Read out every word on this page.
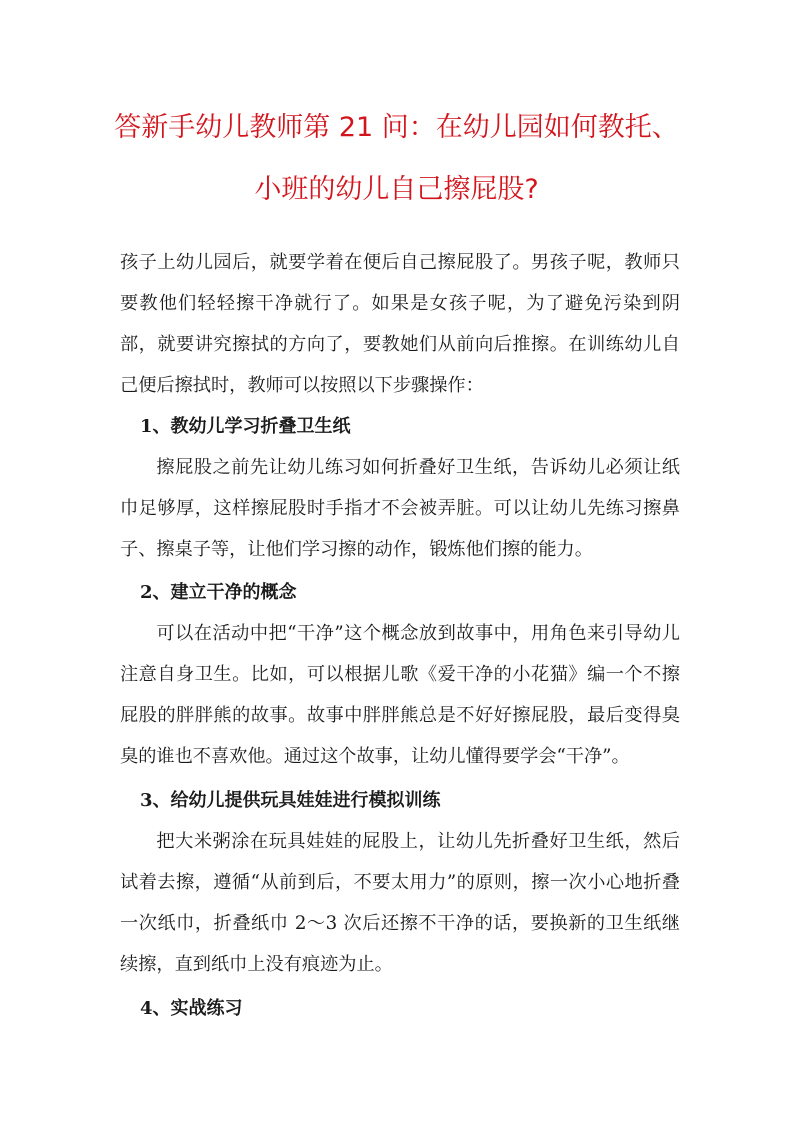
答新手幼儿教师第 21 问：在幼儿园如何教托、
小班的幼儿自己擦屁股?

孩子上幼儿园后，就要学着在便后自己擦屁股了。男孩子呢，教师只要教他们轻轻擦干净就行了。如果是女孩子呢，为了避免污染到阴部，就要讲究擦拭的方向了，要教她们从前向后推擦。在训练幼儿自己便后擦拭时，教师可以按照以下步骤操作：

1、教幼儿学习折叠卫生纸

擦屁股之前先让幼儿练习如何折叠好卫生纸，告诉幼儿必须让纸巾足够厚，这样擦屁股时手指才不会被弄脏。可以让幼儿先练习擦鼻子、擦桌子等，让他们学习擦的动作，锻炼他们擦的能力。

2、建立干净的概念

可以在活动中把“干净”这个概念放到故事中，用角色来引导幼儿注意自身卫生。比如，可以根据儿歌《爱干净的小花猫》编一个不擦屁股的胖胖熊的故事。故事中胖胖熊总是不好好擦屁股，最后变得臭臭的谁也不喜欢他。通过这个故事，让幼儿懂得要学会“干净”。

3、给幼儿提供玩具娃娃进行模拟训练

把大米粥涂在玩具娃娃的屁股上，让幼儿先折叠好卫生纸，然后试着去擦，遵循“从前到后，不要太用力”的原则，擦一次小心地折叠一次纸巾，折叠纸巾 2～3 次后还擦不干净的话，要换新的卫生纸继续擦，直到纸巾上没有痕迹为止。

4、实战练习
